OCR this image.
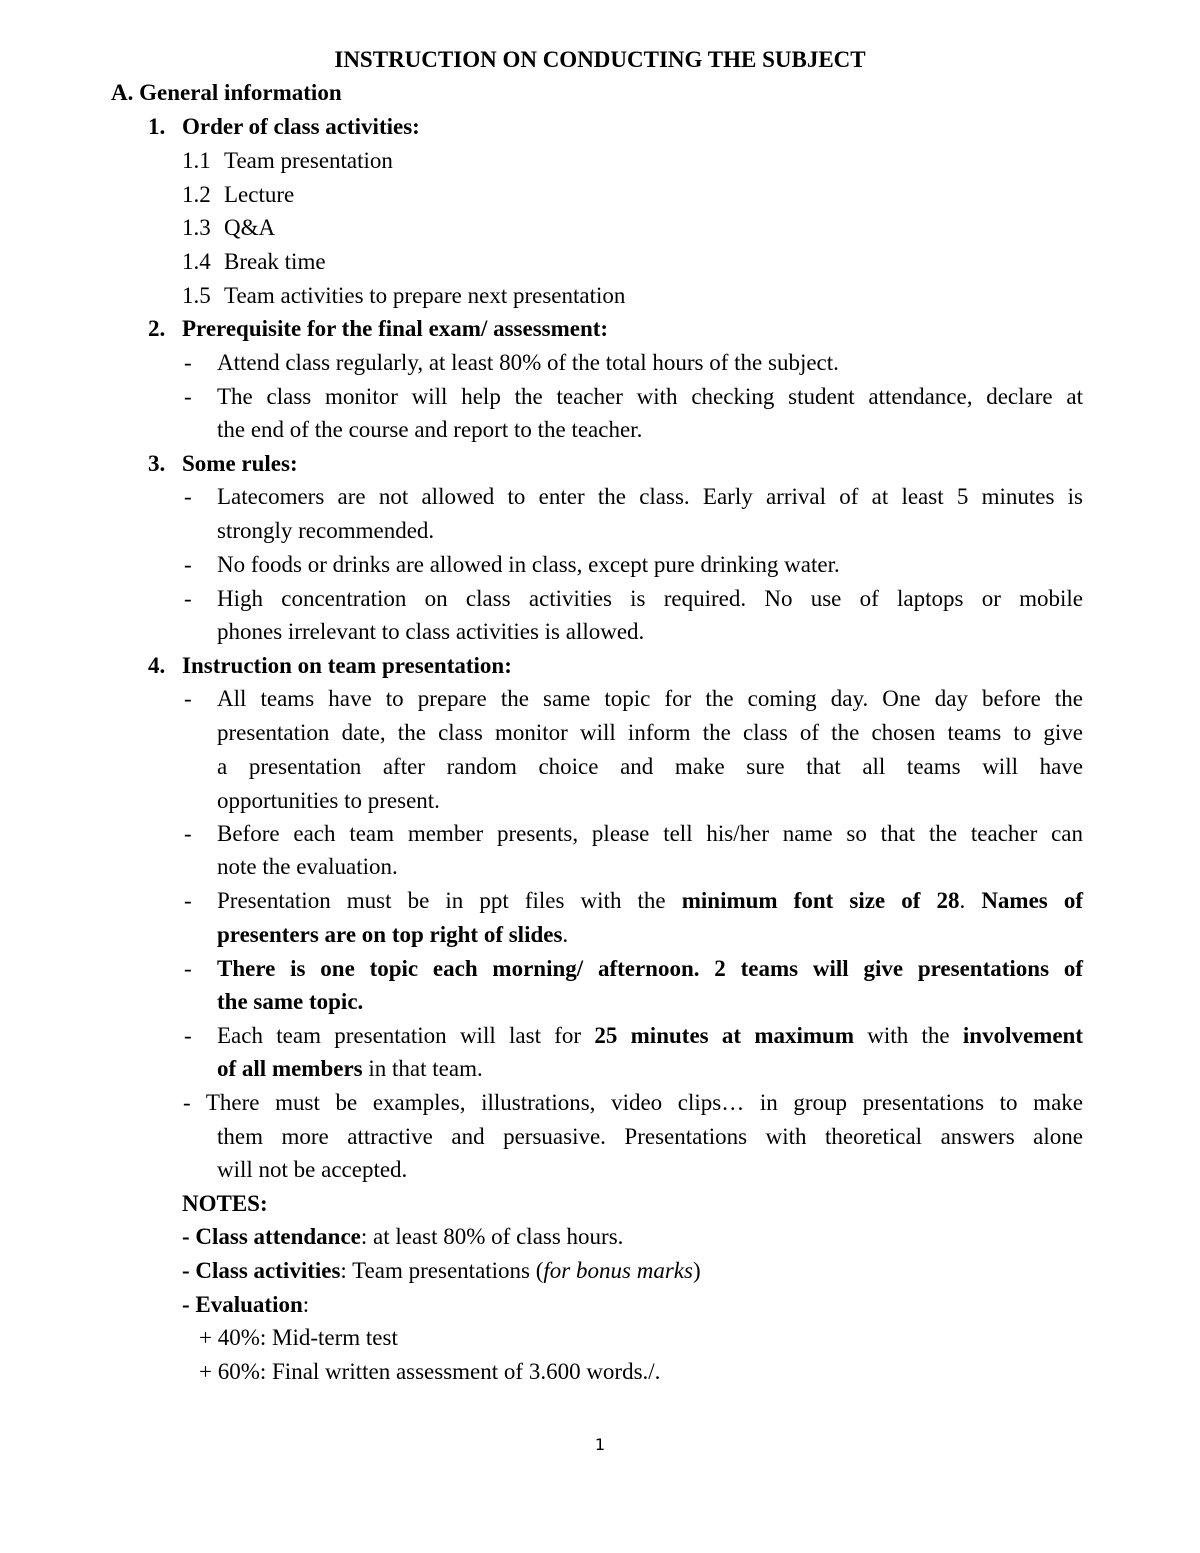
INSTRUCTION ON CONDUCTING THE SUBJECT
A. General information
1. Order of class activities:
1.1 Team presentation
1.2 Lecture
1.3 Q&A
1.4 Break time
1.5 Team activities to prepare next presentation
2. Prerequisite for the final exam/ assessment:
- Attend class regularly, at least 80% of the total hours of the subject.
- The class monitor will help the teacher with checking student attendance, declare at
the end of the course and report to the teacher.
3. Some rules:
- Latecomers are not allowed to enter the class. Early arrival of at least 5 minutes is
strongly recommended.
- No foods or drinks are allowed in class, except pure drinking water.
- High concentration on class activities is required. No use of laptops or mobile
phones irrelevant to class activities is allowed.
4. Instruction on team presentation:
- All teams have to prepare the same topic for the coming day. One day before the
presentation date, the class monitor will inform the class of the chosen teams to give
a presentation after random choice and make sure that all teams will have
opportunities to present.
- Before each team member presents, please tell his/her name so that the teacher can
note the evaluation.
- Presentation must be in ppt files with the minimum font size of 28. Names of
presenters are on top right of slides.
- There is one topic each morning/ afternoon. 2 teams will give presentations of
the same topic.
- Each team presentation will last for 25 minutes at maximum with the involvement
of all members in that team.
- There must be examples, illustrations, video clips… in group presentations to make
them more attractive and persuasive. Presentations with theoretical answers alone
will not be accepted.
NOTES:
- Class attendance: at least 80% of class hours.
- Class activities: Team presentations (for bonus marks)
- Evaluation:
+ 40%: Mid-term test
+ 60%: Final written assessment of 3.600 words./.
1
